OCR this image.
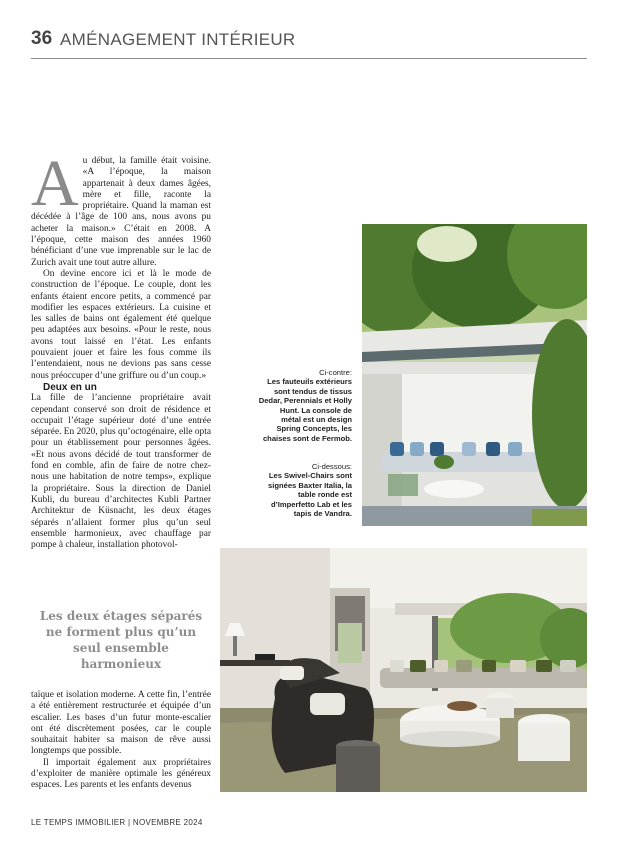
36 AMÉNAGEMENT INTÉRIEUR
A u début, la famille était voisine. «A l’époque, la maison appartenait à deux dames âgées, mère et fille, raconte la propriétaire. Quand la maman est décédée à l’âge de 100 ans, nous avons pu acheter la maison.» C’était en 2008. A l’époque, cette maison des années 1960 bénéficiant d’une vue imprenable sur le lac de Zurich avait une tout autre allure.

On devine encore ici et là le mode de construction de l’époque. Le couple, dont les enfants étaient encore petits, a commencé par modifier les espaces extérieurs. La cuisine et les salles de bains ont également été quelque peu adaptées aux besoins. «Pour le reste, nous avons tout laissé en l’état. Les enfants pouvaient jouer et faire les fous comme ils l’entendaient, nous ne devions pas sans cesse nous préoccuper d’une griffure ou d’un coup.»

Deux en un

La fille de l’ancienne propriétaire avait cependant conservé son droit de résidence et occupait l’étage supérieur doté d’une entrée séparée. En 2020, plus qu’octogénaire, elle opta pour un établissement pour personnes âgées. «Et nous avons décidé de tout transformer de fond en comble, afin de faire de notre chez-nous une habitation de notre temps», explique la propriétaire. Sous la direction de Daniel Kubli, du bureau d’architectes Kubli Partner Architektur de Küsnacht, les deux étages séparés n’allaient former plus qu’un seul ensemble harmonieux, avec chauffage par pompe à chaleur, installation photovol-

Les deux étages séparés ne forment plus qu’un seul ensemble harmonieux

taïque et isolation moderne. A cette fin, l’entrée a été entièrement restructurée et équipée d’un escalier. Les bases d’un futur monte-escalier ont été discrètement posées, car le couple souhaitait habiter sa maison de rêve aussi longtemps que possible.

Il importait également aux propriétaires d’exploiter de manière optimale les généreux espaces. Les parents et les enfants devenus

Ci-contre:
Les fauteuils extérieurs sont tendus de tissus Dedar, Perennials et Holly Hunt. La console de métal est un design Spring Concepts, les chaises sont de Fermob.
Ci-dessous:
Les Swivel-Chairs sont signées Baxter Italia, la table ronde est d’Imperfetto Lab et les tapis de Vandra.
LE TEMPS IMMOBILIER | NOVEMBRE 2024
